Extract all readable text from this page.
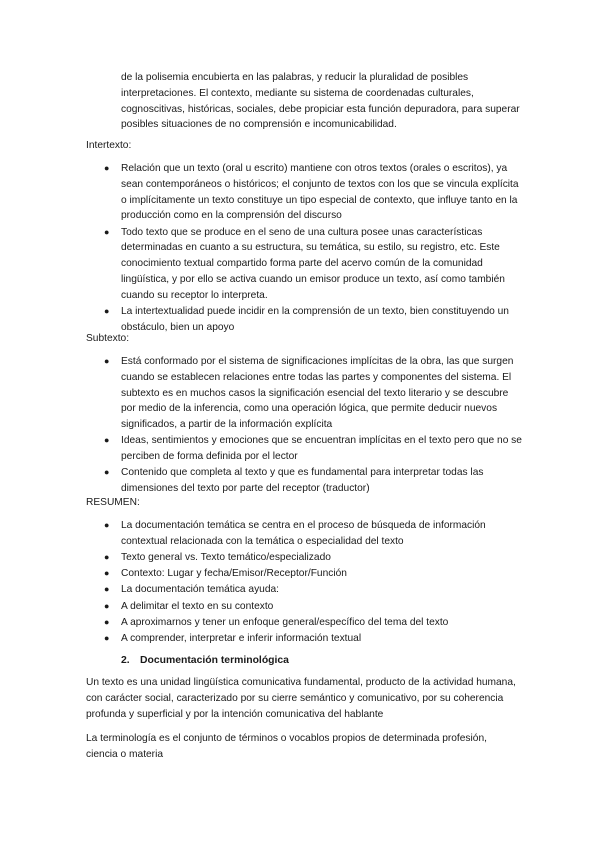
de la polisemia encubierta en las palabras, y reducir la pluralidad de posibles interpretaciones. El contexto, mediante su sistema de coordenadas culturales, cognoscitivas, históricas, sociales, debe propiciar esta función depuradora, para superar posibles situaciones de no comprensión e incomunicabilidad.
Intertexto:
● Relación que un texto (oral u escrito) mantiene con otros textos (orales o escritos), ya sean contemporáneos o históricos; el conjunto de textos con los que se vincula explícita o implícitamente un texto constituye un tipo especial de contexto, que influye tanto en la producción como en la comprensión del discurso
● Todo texto que se produce en el seno de una cultura posee unas características determinadas en cuanto a su estructura, su temática, su estilo, su registro, etc. Este conocimiento textual compartido forma parte del acervo común de la comunidad lingüística, y por ello se activa cuando un emisor produce un texto, así como también cuando su receptor lo interpreta.
● La intertextualidad puede incidir en la comprensión de un texto, bien constituyendo un obstáculo, bien un apoyo
Subtexto:
● Está conformado por el sistema de significaciones implícitas de la obra, las que surgen cuando se establecen relaciones entre todas las partes y componentes del sistema. El subtexto es en muchos casos la significación esencial del texto literario y se descubre por medio de la inferencia, como una operación lógica, que permite deducir nuevos significados, a partir de la información explícita
● Ideas, sentimientos y emociones que se encuentran implícitas en el texto pero que no se perciben de forma definida por el lector
● Contenido que completa al texto y que es fundamental para interpretar todas las dimensiones del texto por parte del receptor (traductor)
RESUMEN:
● La documentación temática se centra en el proceso de búsqueda de información contextual relacionada con la temática o especialidad del texto
● Texto general vs. Texto temático/especializado
● Contexto: Lugar y fecha/Emisor/Receptor/Función
● La documentación temática ayuda:
● A delimitar el texto en su contexto
● A aproximarnos y tener un enfoque general/específico del tema del texto
● A comprender, interpretar e inferir información textual
2. Documentación terminológica
Un texto es una unidad lingüística comunicativa fundamental, producto de la actividad humana, con carácter social, caracterizado por su cierre semántico y comunicativo, por su coherencia profunda y superficial y por la intención comunicativa del hablante
La terminología es el conjunto de términos o vocablos propios de determinada profesión, ciencia o materia
